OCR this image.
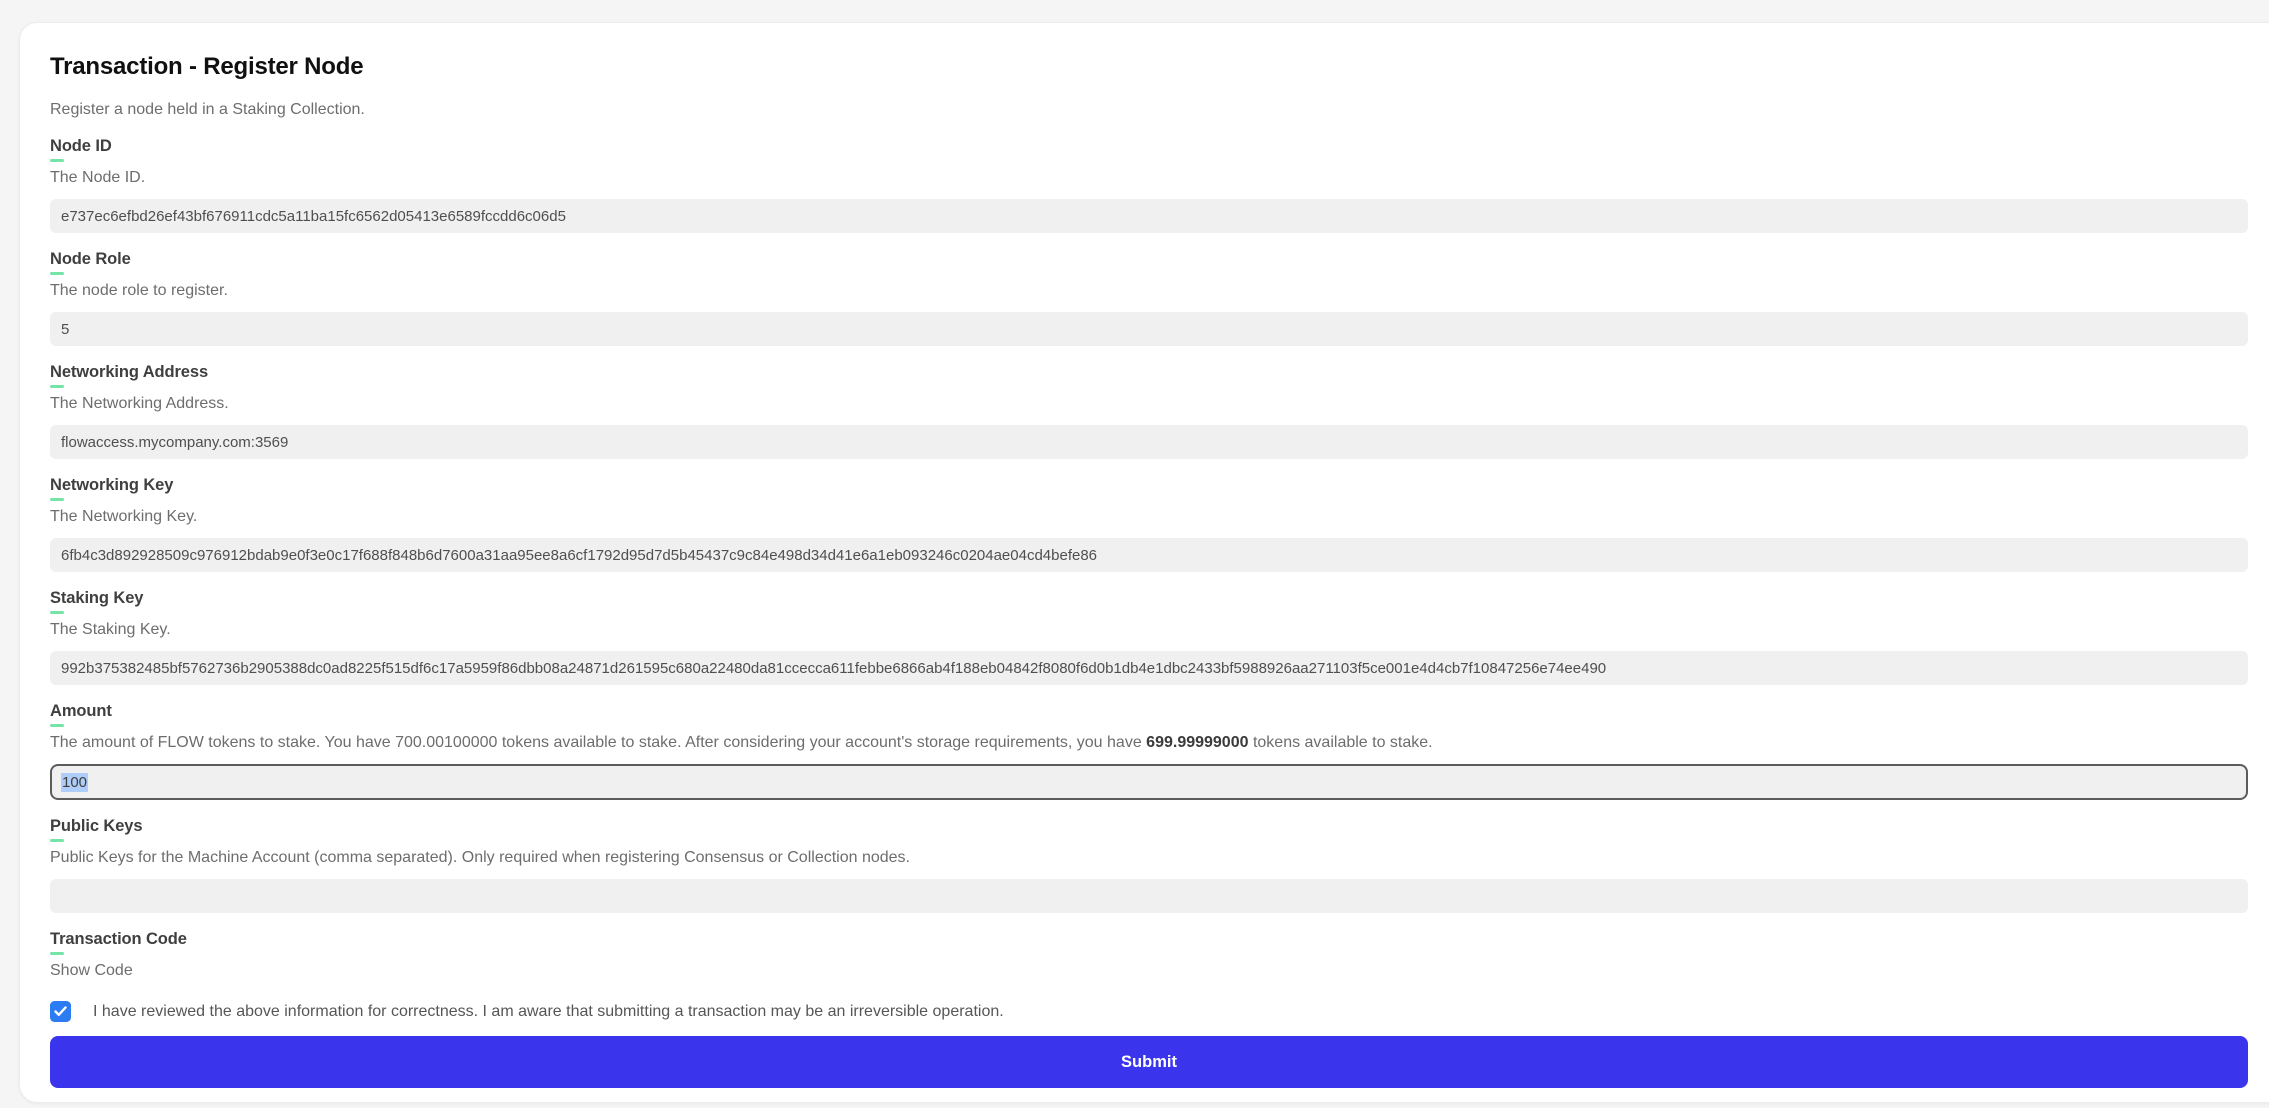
Transaction - Register Node
Register a node held in a Staking Collection.
Node ID
The Node ID.
e737ec6efbd26ef43bf676911cdc5a11ba15fc6562d05413e6589fccdd6c06d5
Node Role
The node role to register.
5
Networking Address
The Networking Address.
flowaccess.mycompany.com:3569
Networking Key
The Networking Key.
6fb4c3d892928509c976912bdab9e0f3e0c17f688f848b6d7600a31aa95ee8a6cf1792d95d7d5b45437c9c84e498d34d41e6a1eb093246c0204ae04cd4befe86
Staking Key
The Staking Key.
992b375382485bf5762736b2905388dc0ad8225f515df6c17a5959f86dbb08a24871d261595c680a22480da81ccecca611febbe6866ab4f188eb04842f8080f6d0b1db4e1dbc2433bf5988926aa271103f5ce001e4d4cb7f10847256e74ee490
Amount
The amount of FLOW tokens to stake. You have 700.00100000 tokens available to stake. After considering your account's storage requirements, you have 699.99999000 tokens available to stake.
100
Public Keys
Public Keys for the Machine Account (comma separated). Only required when registering Consensus or Collection nodes.
Transaction Code
Show Code
I have reviewed the above information for correctness. I am aware that submitting a transaction may be an irreversible operation.
Submit
